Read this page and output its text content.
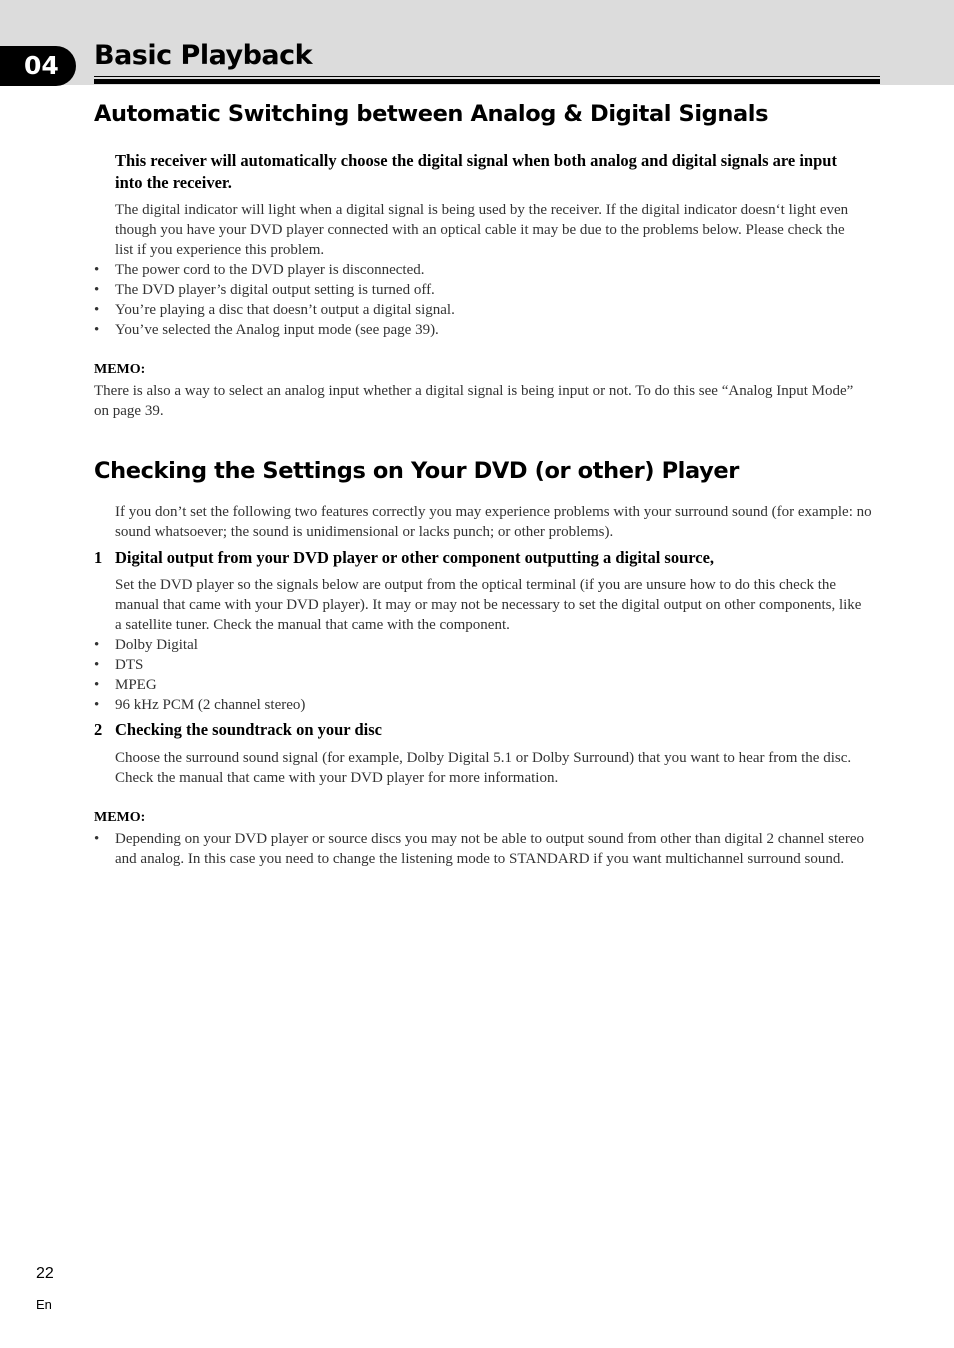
04	Basic Playback
Automatic Switching between Analog & Digital Signals

This receiver will automatically choose the digital signal when both analog and digital signals are input into the receiver.

The digital indicator will light when a digital signal is being used by the receiver. If the digital indicator doesn‘t light even though you have your DVD player connected with an optical cable it may be due to the problems below. Please check the list if you experience this problem.

• The power cord to the DVD player is disconnected.
• The DVD player’s digital output setting is turned off.
• You’re playing a disc that doesn’t output a digital signal.
• You’ve selected the Analog input mode (see page 39).

MEMO:

There is also a way to select an analog input whether a digital signal is being input or not. To do this see “Analog Input Mode” on page 39.

Checking the Settings on Your DVD (or other) Player

If you don’t set the following two features correctly you may experience problems with your surround sound (for example: no sound whatsoever; the sound is unidimensional or lacks punch; or other problems).

1 Digital output from your DVD player or other component outputting a digital source,

Set the DVD player so the signals below are output from the optical terminal (if you are unsure how to do this check the manual that came with your DVD player). It may or may not be necessary to set the digital output on other components, like a satellite tuner. Check the manual that came with the component.

• Dolby Digital
• DTS
• MPEG
• 96 kHz PCM (2 channel stereo)

2 Checking the soundtrack on your disc

Choose the surround sound signal (for example, Dolby Digital 5.1 or Dolby Surround) that you want to hear from the disc. Check the manual that came with your DVD player for more information.

MEMO:

• Depending on your DVD player or source discs you may not be able to output sound from other than digital 2 channel stereo and analog. In this case you need to change the listening mode to STANDARD if you want multichannel surround sound.
22
En
